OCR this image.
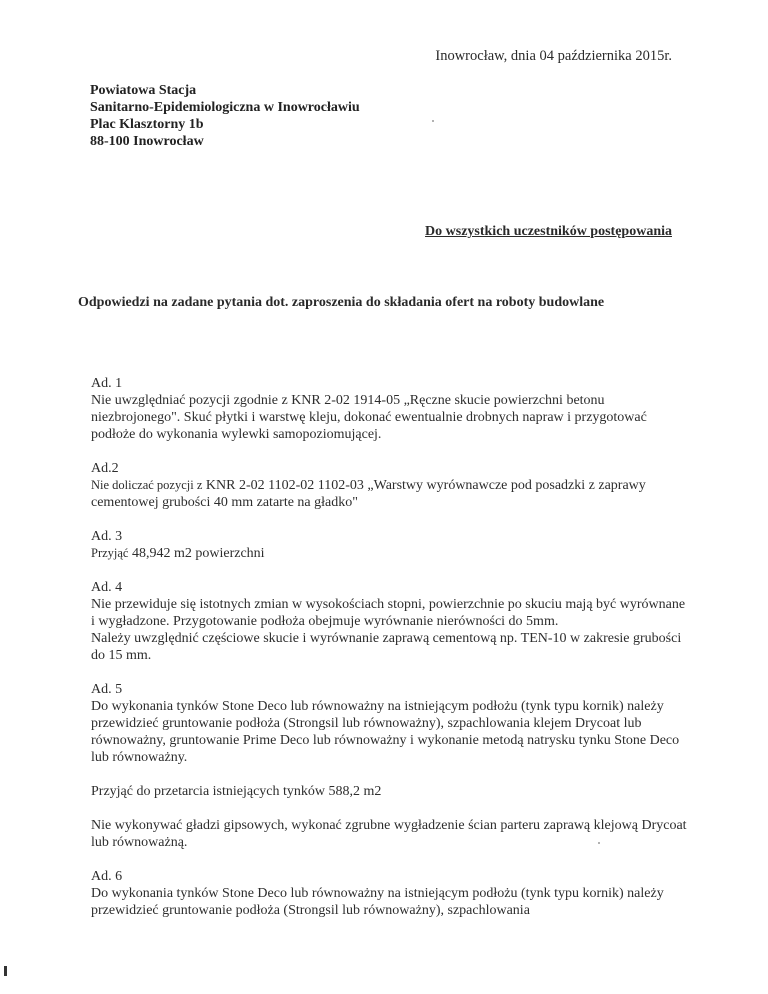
Inowrocław, dnia 04 października 2015r.
Powiatowa Stacja
Sanitarno-Epidemiologiczna w Inowrocławiu
Plac Klasztorny 1b
88-100 Inowrocław
Do wszystkich uczestników postępowania
Odpowiedzi na zadane pytania dot. zaproszenia do składania ofert na roboty budowlane
Ad. 1

Nie uwzględniać pozycji zgodnie z KNR 2-02 1914-05 „Ręczne skucie powierzchni betonu niezbrojonego". Skuć płytki i warstwę kleju, dokonać ewentualnie drobnych napraw i przygotować podłoże do wykonania wylewki samopoziomującej.

Ad.2

Nie doliczać pozycji z KNR 2-02 1102-02 1102-03 „Warstwy wyrównawcze pod posadzki z zaprawy cementowej grubości 40 mm zatarte na gładko"

Ad. 3

Przyjąć 48,942 m2 powierzchni

Ad. 4

Nie przewiduje się istotnych zmian w wysokościach stopni, powierzchnie po skuciu mają być wyrównane i wygładzone. Przygotowanie podłoża obejmuje wyrównanie nierówności do 5mm.

Należy uwzględnić częściowe skucie i wyrównanie zaprawą cementową np. TEN-10 w zakresie grubości do 15 mm.

Ad. 5

Do wykonania tynków Stone Deco lub równoważny na istniejącym podłożu (tynk typu kornik) należy przewidzieć gruntowanie podłoża (Strongsil lub równoważny), szpachlowania klejem Drycoat lub równoważny, gruntowanie Prime Deco lub równoważny i wykonanie metodą natrysku tynku Stone Deco lub równoważny.

Przyjąć do przetarcia istniejących tynków 588,2 m2

Nie wykonywać gładzi gipsowych, wykonać zgrubne wygładzenie ścian parteru zaprawą klejową Drycoat lub równoważną.

Ad. 6

Do wykonania tynków Stone Deco lub równoważny na istniejącym podłożu (tynk typu kornik) należy przewidzieć gruntowanie podłoża (Strongsil lub równoważny), szpachlowania
